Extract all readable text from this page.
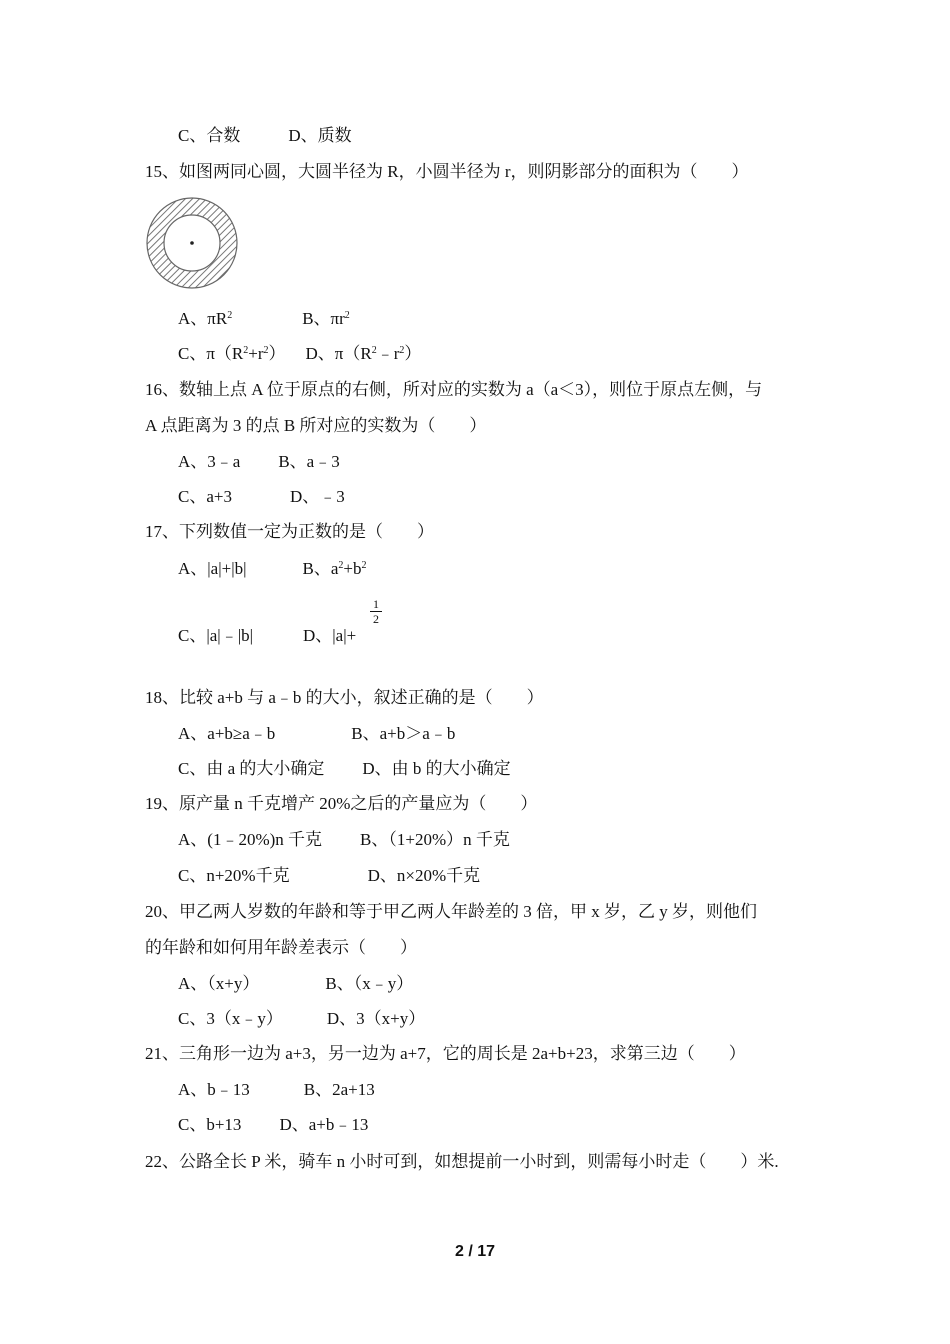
C、合数	D、质数
15、如图两同心圆，大圆半径为 R，小圆半径为 r，则阴影部分的面积为（　　）
A、$\pi R^2$	B、$\pi r^2$
C、$\pi(R^2+r^2)$ D、$\pi(R^2﹣r^2)$
16、数轴上点 A 位于原点的右侧，所对应的实数为 a（a＜3），则位于原点左侧，与
A 点距离为 3 的点 B 所对应的实数为（　　）
A、3﹣a B、a﹣3
C、a+3	D、﹣3
17、下列数值一定为正数的是（　　）
A、|a|+|b|	B、$a^2+b^2$
C、|a|﹣|b|	D、|a|+
1
2
18、比较 a+b 与 a﹣b 的大小，叙述正确的是（　　）
A、a+b≥a﹣b	B、a+b＞a﹣b
C、由 a 的大小确定 D、由 b 的大小确定
19、原产量 n 千克增产 20%之后的产量应为（　　）
A、(1﹣20%)n 千克 B、（1+20%）n 千克
C、n+20%千克	D、n×20%千克
20、甲乙两人岁数的年龄和等于甲乙两人年龄差的 3 倍，甲 x 岁，乙 y 岁，则他们
的年龄和如何用年龄差表示（　　）
A、（x+y）	B、（x﹣y）
C、3（x﹣y）	D、3（x+y）
21、三角形一边为 a+3，另一边为 a+7，它的周长是 2a+b+23，求第三边（　　）
A、b﹣13	B、2a+13
C、b+13 D、a+b﹣13
22、公路全长 P 米，骑车 n 小时可到，如想提前一小时到，则需每小时走（　　）米.
2 / 17
